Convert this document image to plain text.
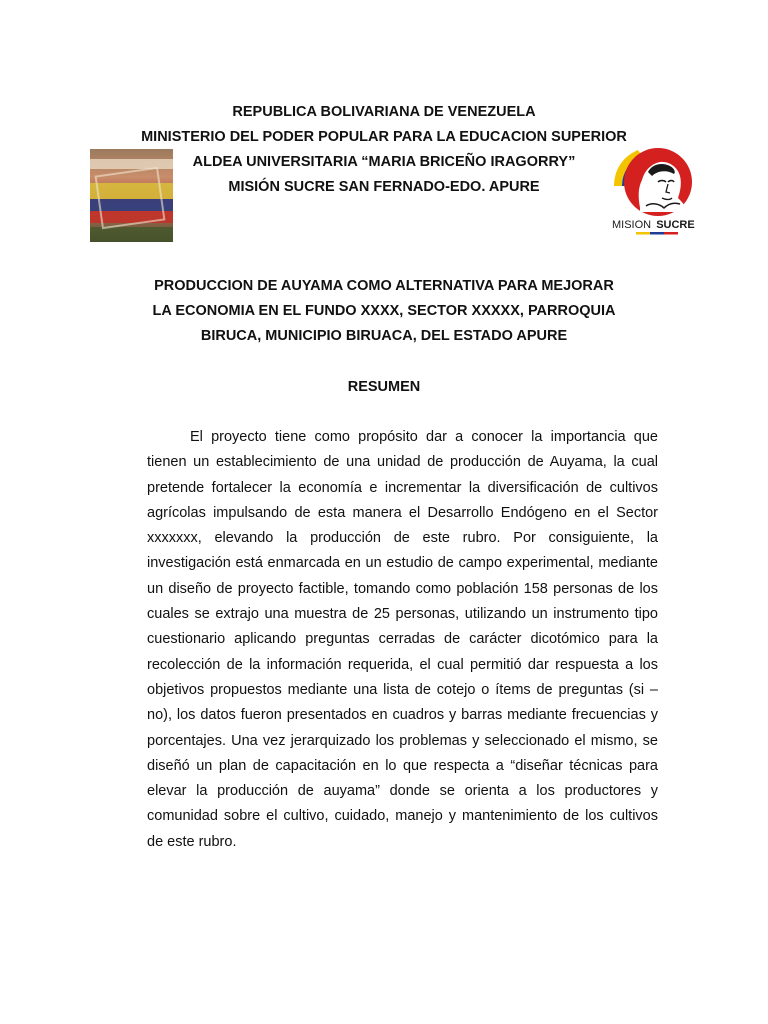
REPUBLICA BOLIVARIANA DE VENEZUELA
MINISTERIO DEL PODER POPULAR PARA LA EDUCACION SUPERIOR
ALDEA UNIVERSITARIA “MARIA BRICEÑO IRAGORRY”
MISIÓN SUCRE SAN FERNADO-EDO. APURE
MISION SUCRE
PRODUCCION DE AUYAMA COMO ALTERNATIVA PARA MEJORAR
LA ECONOMIA EN EL FUNDO XXXX, SECTOR XXXXX, PARROQUIA
BIRUCA, MUNICIPIO BIRUACA, DEL ESTADO APURE
RESUMEN
El proyecto tiene como propósito dar a conocer la importancia que tienen un establecimiento de una unidad de producción de Auyama, la cual pretende fortalecer la economía e incrementar la diversificación de cultivos agrícolas impulsando de esta manera el Desarrollo Endógeno en el Sector xxxxxxx, elevando la producción de este rubro. Por consiguiente, la investigación está enmarcada en un estudio de campo experimental, mediante un diseño de proyecto factible, tomando como población 158 personas de los cuales se extrajo una muestra de 25 personas, utilizando un instrumento tipo cuestionario aplicando preguntas cerradas de carácter dicotómico para la recolección de la información requerida, el cual permitió dar respuesta a los objetivos propuestos mediante una lista de cotejo o ítems de preguntas (si – no), los datos fueron presentados en cuadros y barras mediante frecuencias y porcentajes. Una vez jerarquizado los problemas y seleccionado el mismo, se diseñó un plan de capacitación en lo que respecta a “diseñar técnicas para elevar la producción de auyama” donde se orienta a los productores y comunidad sobre el cultivo, cuidado, manejo y mantenimiento de los cultivos de este rubro.
